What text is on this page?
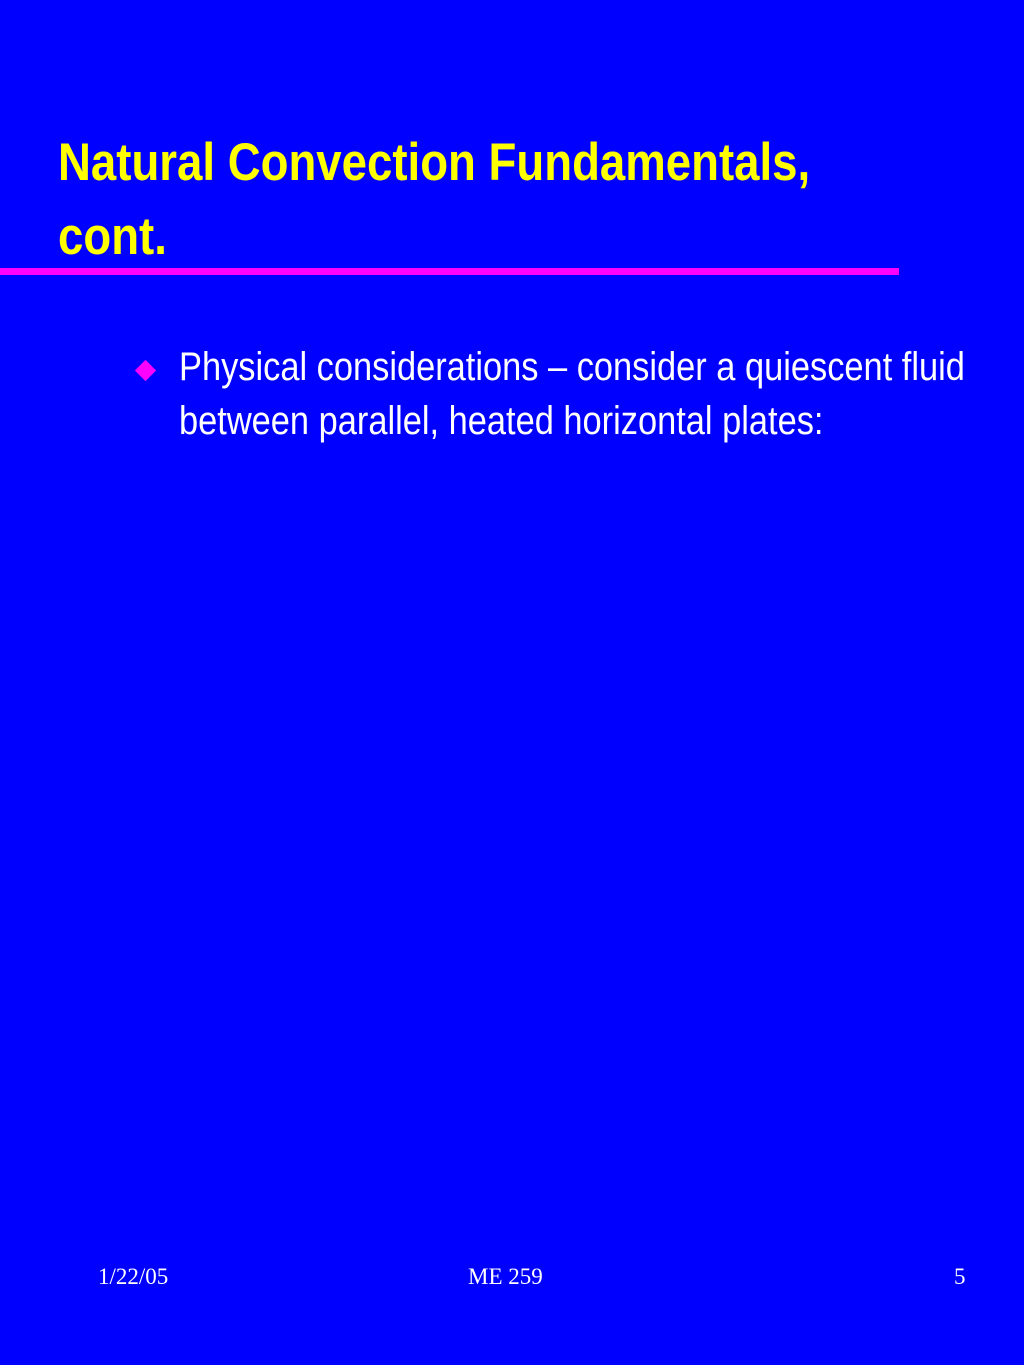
Natural Convection Fundamentals, cont.

Physical considerations – consider a quiescent fluid between parallel, heated horizontal plates:

1/22/05	ME 259	5
